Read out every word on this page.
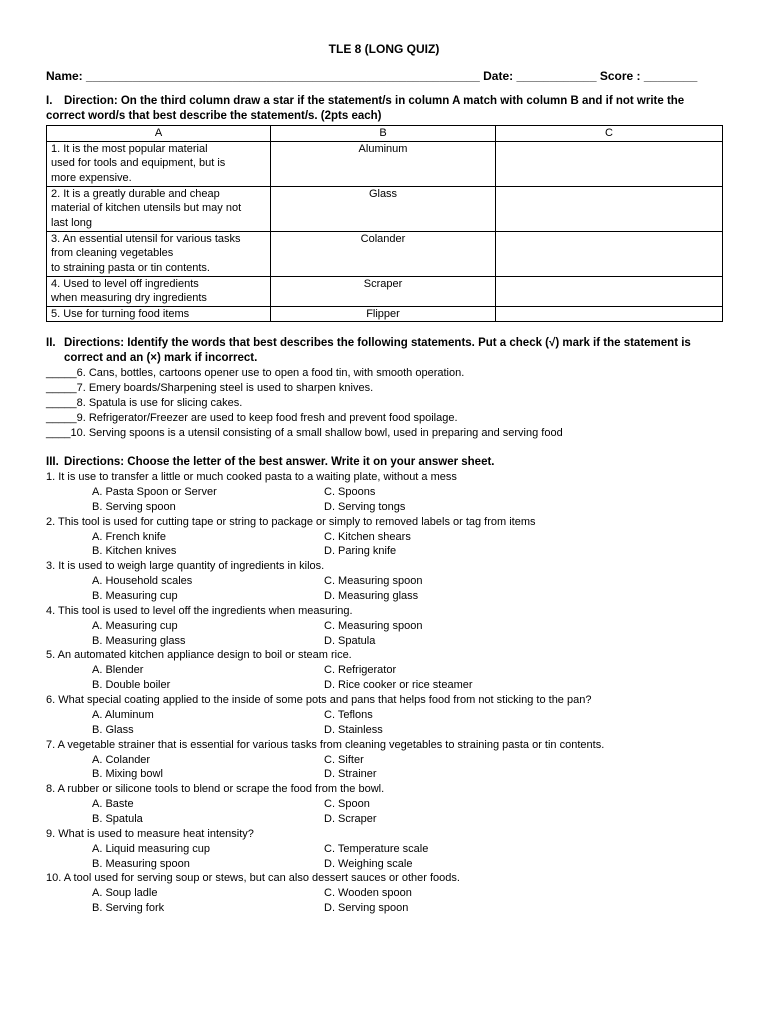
TLE 8 (LONG QUIZ)
Name: ___________________________________________________________ Date: ____________ Score : ________
I. Direction: On the third column draw a star if the statement/s in column A match with column B and if not write the correct word/s that best describe the statement/s. (2pts each)
A	B	C

1. It is the most popular material
used for tools and equipment, but is
more expensive.	Aluminum	

2. It is a greatly durable and cheap
material of kitchen utensils but may not
last long	Glass	

3. An essential utensil for various tasks
from cleaning vegetables
to straining pasta or tin contents.	Colander	

4. Used to level off ingredients
when measuring dry ingredients	Scraper	

5. Use for turning food items	Flipper	
II. Directions: Identify the words that best describes the following statements. Put a check (√) mark if the statement is
correct and an (×) mark if incorrect.
_____6. Cans, bottles, cartoons opener use to open a food tin, with smooth operation.
_____7. Emery boards/Sharpening steel is used to sharpen knives.
_____8. Spatula is use for slicing cakes.
_____9. Refrigerator/Freezer are used to keep food fresh and prevent food spoilage.
____10. Serving spoons is a utensil consisting of a small shallow bowl, used in preparing and serving food
III. Directions: Choose the letter of the best answer. Write it on your answer sheet.
1. It is use to transfer a little or much cooked pasta to a waiting plate, without a mess
A. Pasta Spoon or Server	C. Spoons
B. Serving spoon	D. Serving tongs
2. This tool is used for cutting tape or string to package or simply to removed labels or tag from items
A. French knife	C. Kitchen shears
B. Kitchen knives	D. Paring knife
3. It is used to weigh large quantity of ingredients in kilos.
A. Household scales	C. Measuring spoon
B. Measuring cup	D. Measuring glass
4. This tool is used to level off the ingredients when measuring.
A. Measuring cup	C. Measuring spoon
B. Measuring glass	D. Spatula
5. An automated kitchen appliance design to boil or steam rice.
A. Blender	C. Refrigerator
B. Double boiler	D. Rice cooker or rice steamer
6. What special coating applied to the inside of some pots and pans that helps food from not sticking to the pan?
A. Aluminum	C. Teflons
B. Glass	D. Stainless
7. A vegetable strainer that is essential for various tasks from cleaning vegetables to straining pasta or tin contents.
A. Colander	C. Sifter
B. Mixing bowl	D. Strainer
8. A rubber or silicone tools to blend or scrape the food from the bowl.
A. Baste	C. Spoon
B. Spatula	D. Scraper
9. What is used to measure heat intensity?
A. Liquid measuring cup	C. Temperature scale
B. Measuring spoon	D. Weighing scale
10. A tool used for serving soup or stews, but can also dessert sauces or other foods.
A. Soup ladle	C. Wooden spoon
B. Serving fork	D. Serving spoon
